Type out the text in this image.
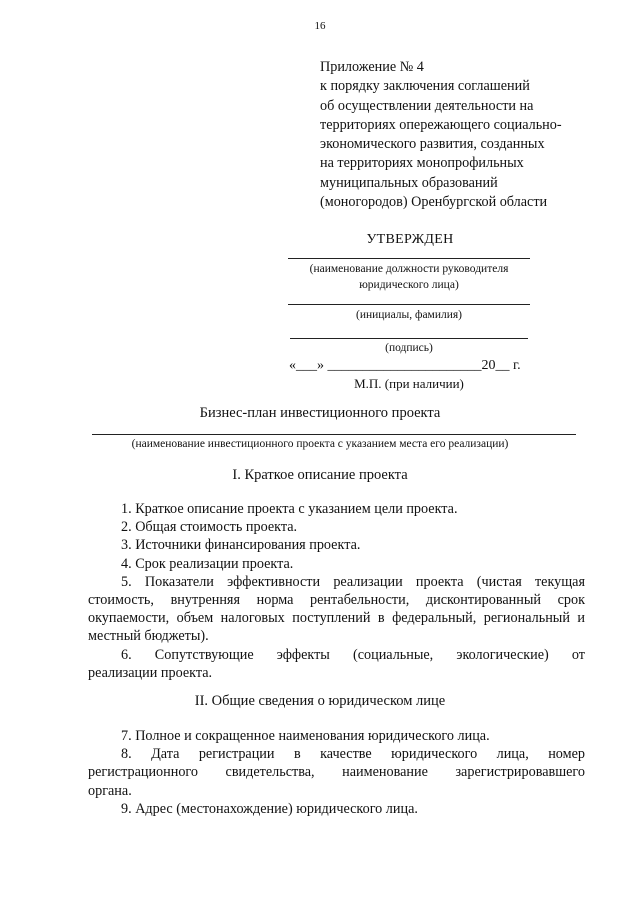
16
Приложение № 4
к порядку заключения соглашений
об осуществлении деятельности на
территориях опережающего социально-
экономического развития, созданных
на территориях монопрофильных
муниципальных образований
(моногородов) Оренбургской области
УТВЕРЖДЕН
(наименование должности руководителя
юридического лица)
(инициалы, фамилия)
(подпись)
«___» ______________________20__ г.
М.П. (при наличии)
Бизнес-план инвестиционного проекта
(наименование инвестиционного проекта с указанием места его реализации)
I. Краткое описание проекта
1. Краткое описание проекта с указанием цели проекта.
2. Общая стоимость проекта.
3. Источники финансирования проекта.
4. Срок реализации проекта.
5. Показатели эффективности реализации проекта (чистая текущая
стоимость, внутренняя норма рентабельности, дисконтированный срок
окупаемости, объем налоговых поступлений в федеральный, региональный и
местный бюджеты).
6. Сопутствующие эффекты (социальные, экологические) от
реализации проекта.
II. Общие сведения о юридическом лице
7. Полное и сокращенное наименования юридического лица.
8. Дата регистрации в качестве юридического лица, номер
регистрационного свидетельства, наименование зарегистрировавшего
органа.
9. Адрес (местонахождение) юридического лица.
